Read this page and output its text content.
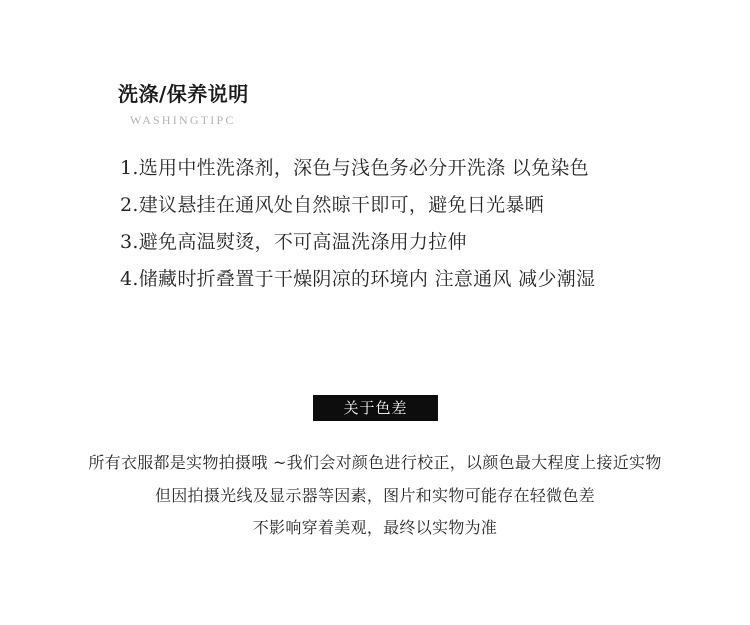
洗涤/保养说明
WASHINGTIPC
1.选用中性洗涤剂，深色与浅色务必分开洗涤 以免染色
2.建议悬挂在通风处自然晾干即可，避免日光暴晒
3.避免高温熨烫，不可高温洗涤用力拉伸
4.储藏时折叠置于干燥阴凉的环境内 注意通风 减少潮湿
关于色差
所有衣服都是实物拍摄哦 ~我们会对颜色进行校正，以颜色最大程度上接近实物
但因拍摄光线及显示器等因素，图片和实物可能存在轻微色差
不影响穿着美观，最终以实物为准
